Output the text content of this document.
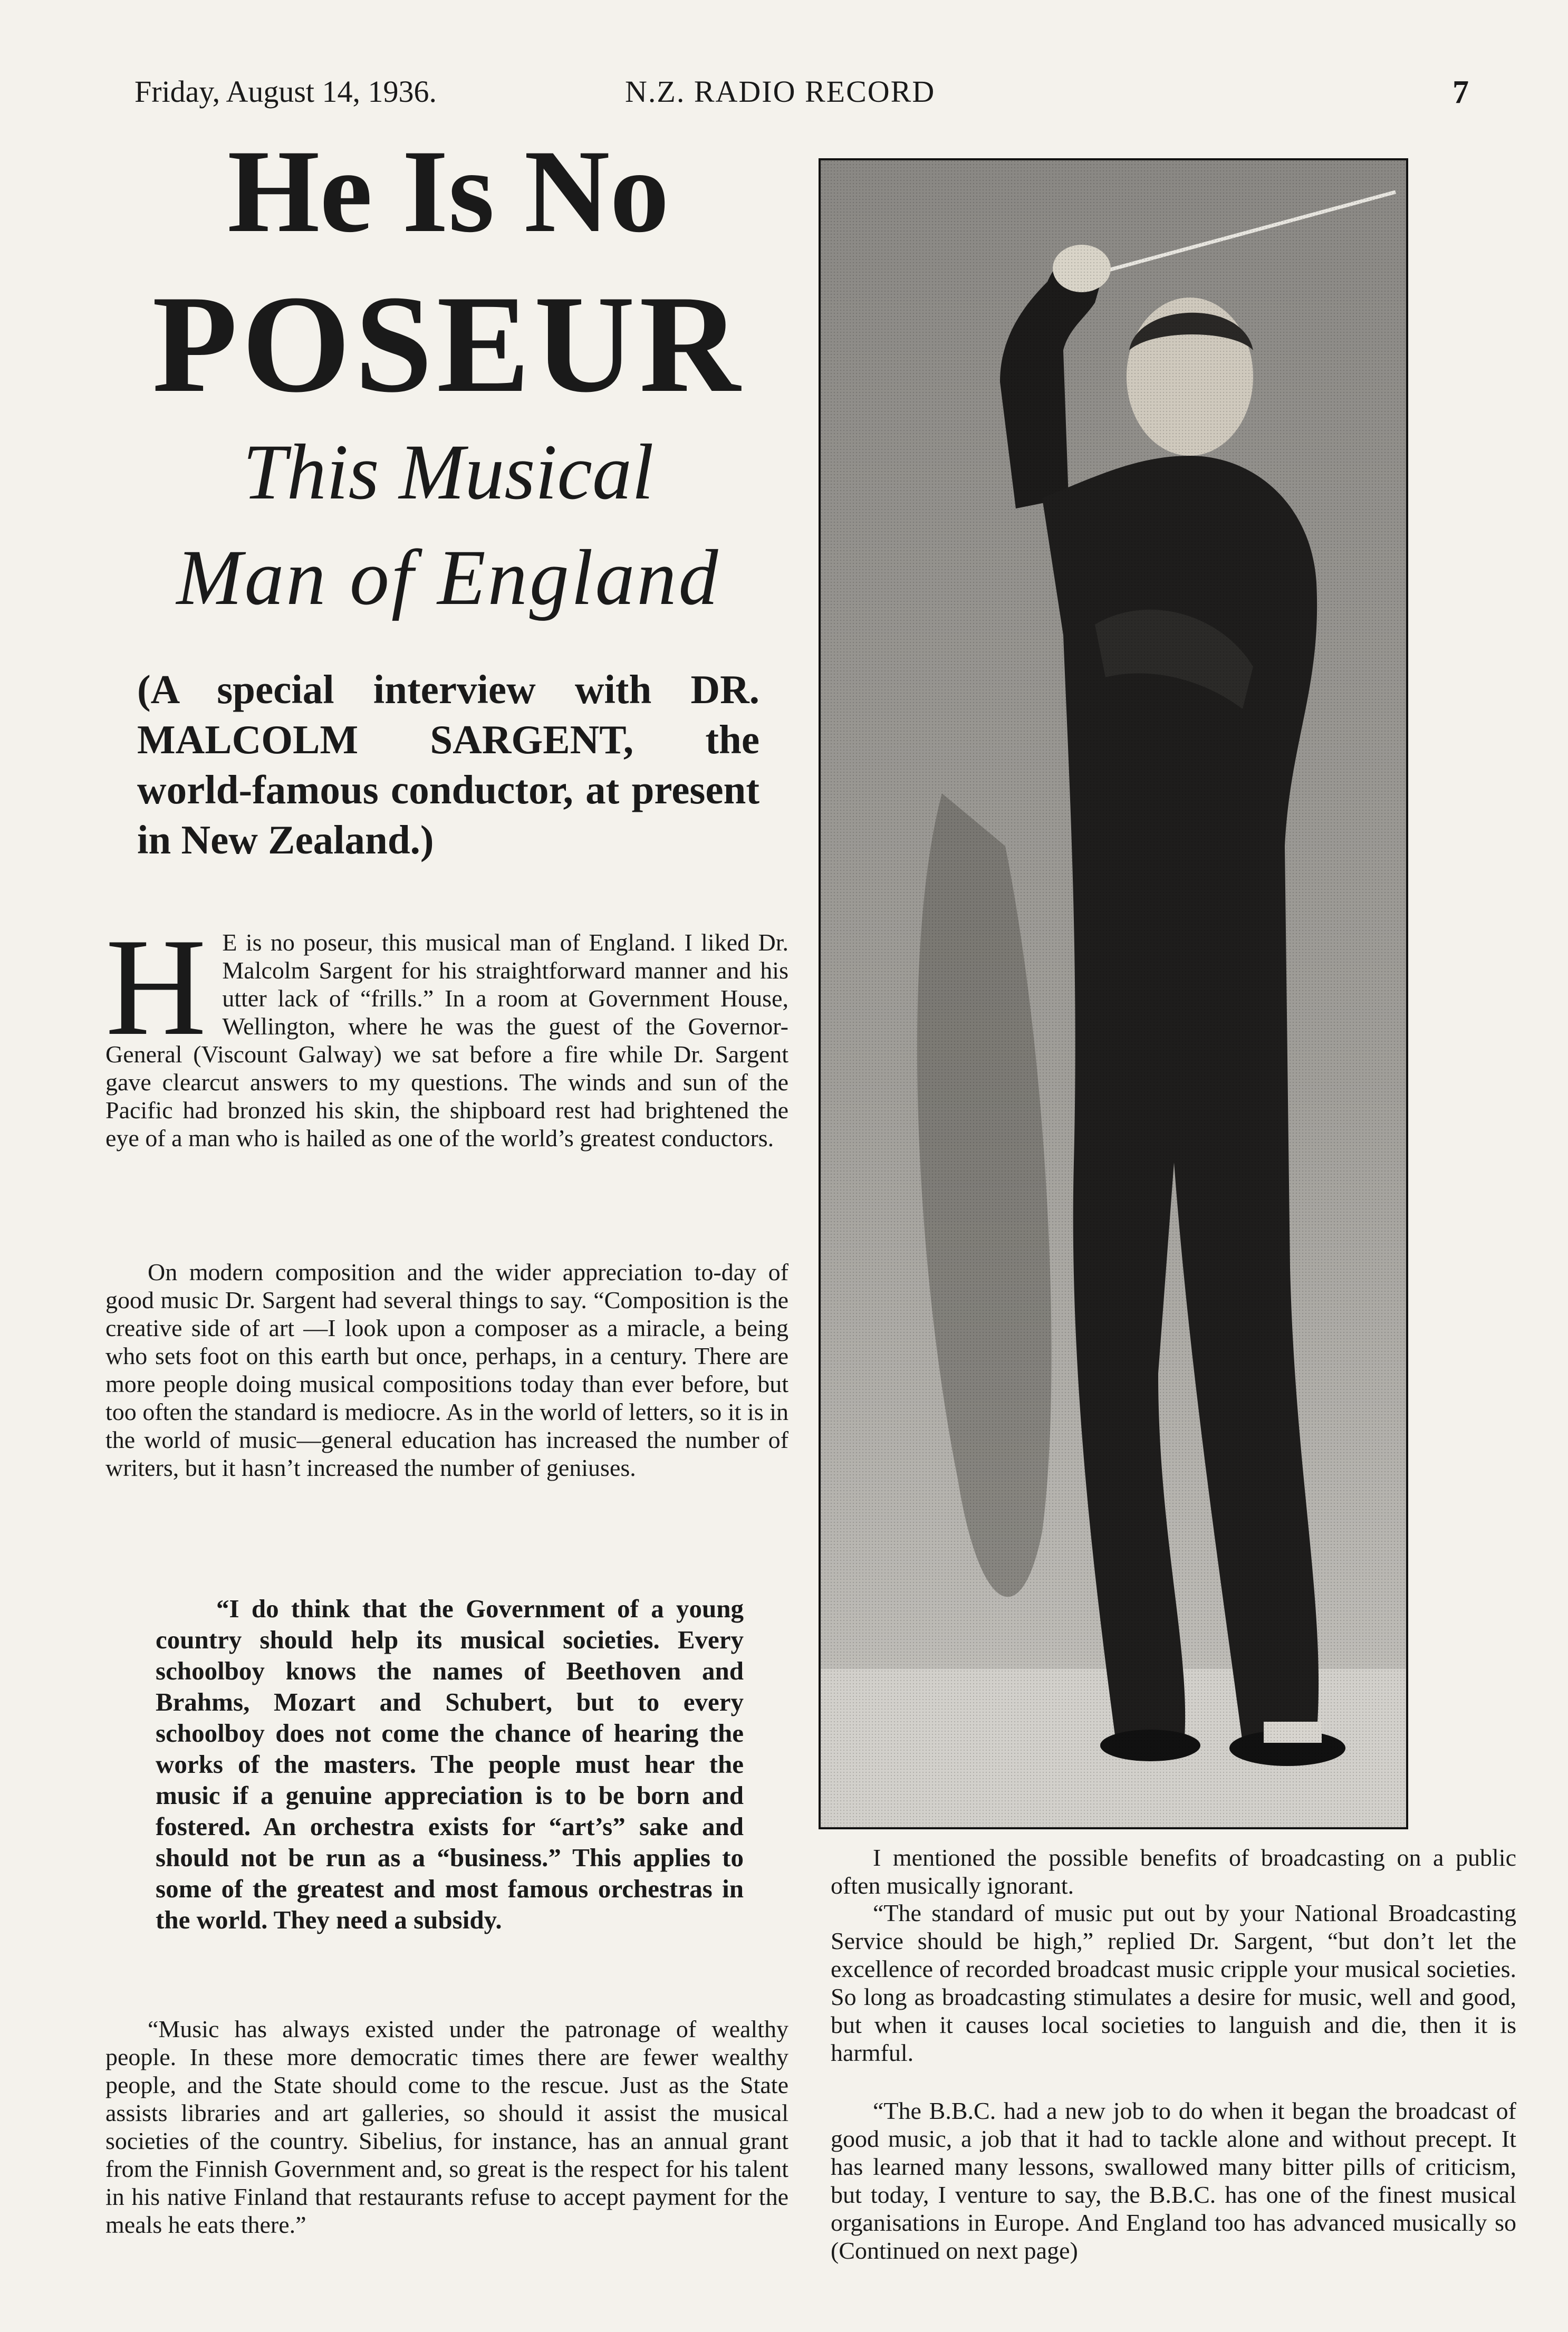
Friday, August 14, 1936.	N.Z. RADIO RECORD	7
He Is No
POSEUR
This Musical
Man of England
(A special interview with DR. MALCOLM SARGENT, the world-famous conductor, at present in New Zealand.)

H E is no poseur, this musical man of England. I liked Dr. Malcolm Sargent for his straightforward manner and his utter lack of “frills.” In a room at Government House, Wellington, where he was the guest of the Governor-General (Viscount Galway) we sat before a fire while Dr. Sargent gave clearcut answers to my questions. The winds and sun of the Pacific had bronzed his skin, the shipboard rest had brightened the eye of a man who is hailed as one of the world’s greatest conductors.

On modern composition and the wider appreciation to-day of good music Dr. Sargent had several things to say. “Composition is the creative side of art —I look upon a composer as a miracle, a being who sets foot on this earth but once, perhaps, in a century. There are more people doing musical compositions today than ever before, but too often the standard is mediocre. As in the world of letters, so it is in the world of music—general education has increased the number of writers, but it hasn’t increased the number of geniuses.

“I do think that the Government of a young country should help its musical societies. Every schoolboy knows the names of Beethoven and Brahms, Mozart and Schubert, but to every schoolboy does not come the chance of hearing the works of the masters. The people must hear the music if a genuine appreciation is to be born and fostered. An orchestra exists for “art’s” sake and should not be run as a “business.” This applies to some of the greatest and most famous orchestras in the world. They need a subsidy.

“Music has always existed under the patronage of wealthy people. In these more democratic times there are fewer wealthy people, and the State should come to the rescue. Just as the State assists libraries and art galleries, so should it assist the musical societies of the country. Sibelius, for instance, has an annual grant from the Finnish Government and, so great is the respect for his talent in his native Finland that restaurants refuse to accept payment for the meals he eats there.”

I mentioned the possible benefits of broadcasting on a public often musically ignorant.

“The standard of music put out by your National Broadcasting Service should be high,” replied Dr. Sargent, “but don’t let the excellence of recorded broadcast music cripple your musical societies. So long as broadcasting stimulates a desire for music, well and good, but when it causes local societies to languish and die, then it is harmful.

“The B.B.C. had a new job to do when it began the broadcast of good music, a job that it had to tackle alone and without precept. It has learned many lessons, swallowed many bitter pills of criticism, but today, I venture to say, the B.B.C. has one of the finest musical organisations in Europe. And England too has advanced musically so (Continued on next page)
